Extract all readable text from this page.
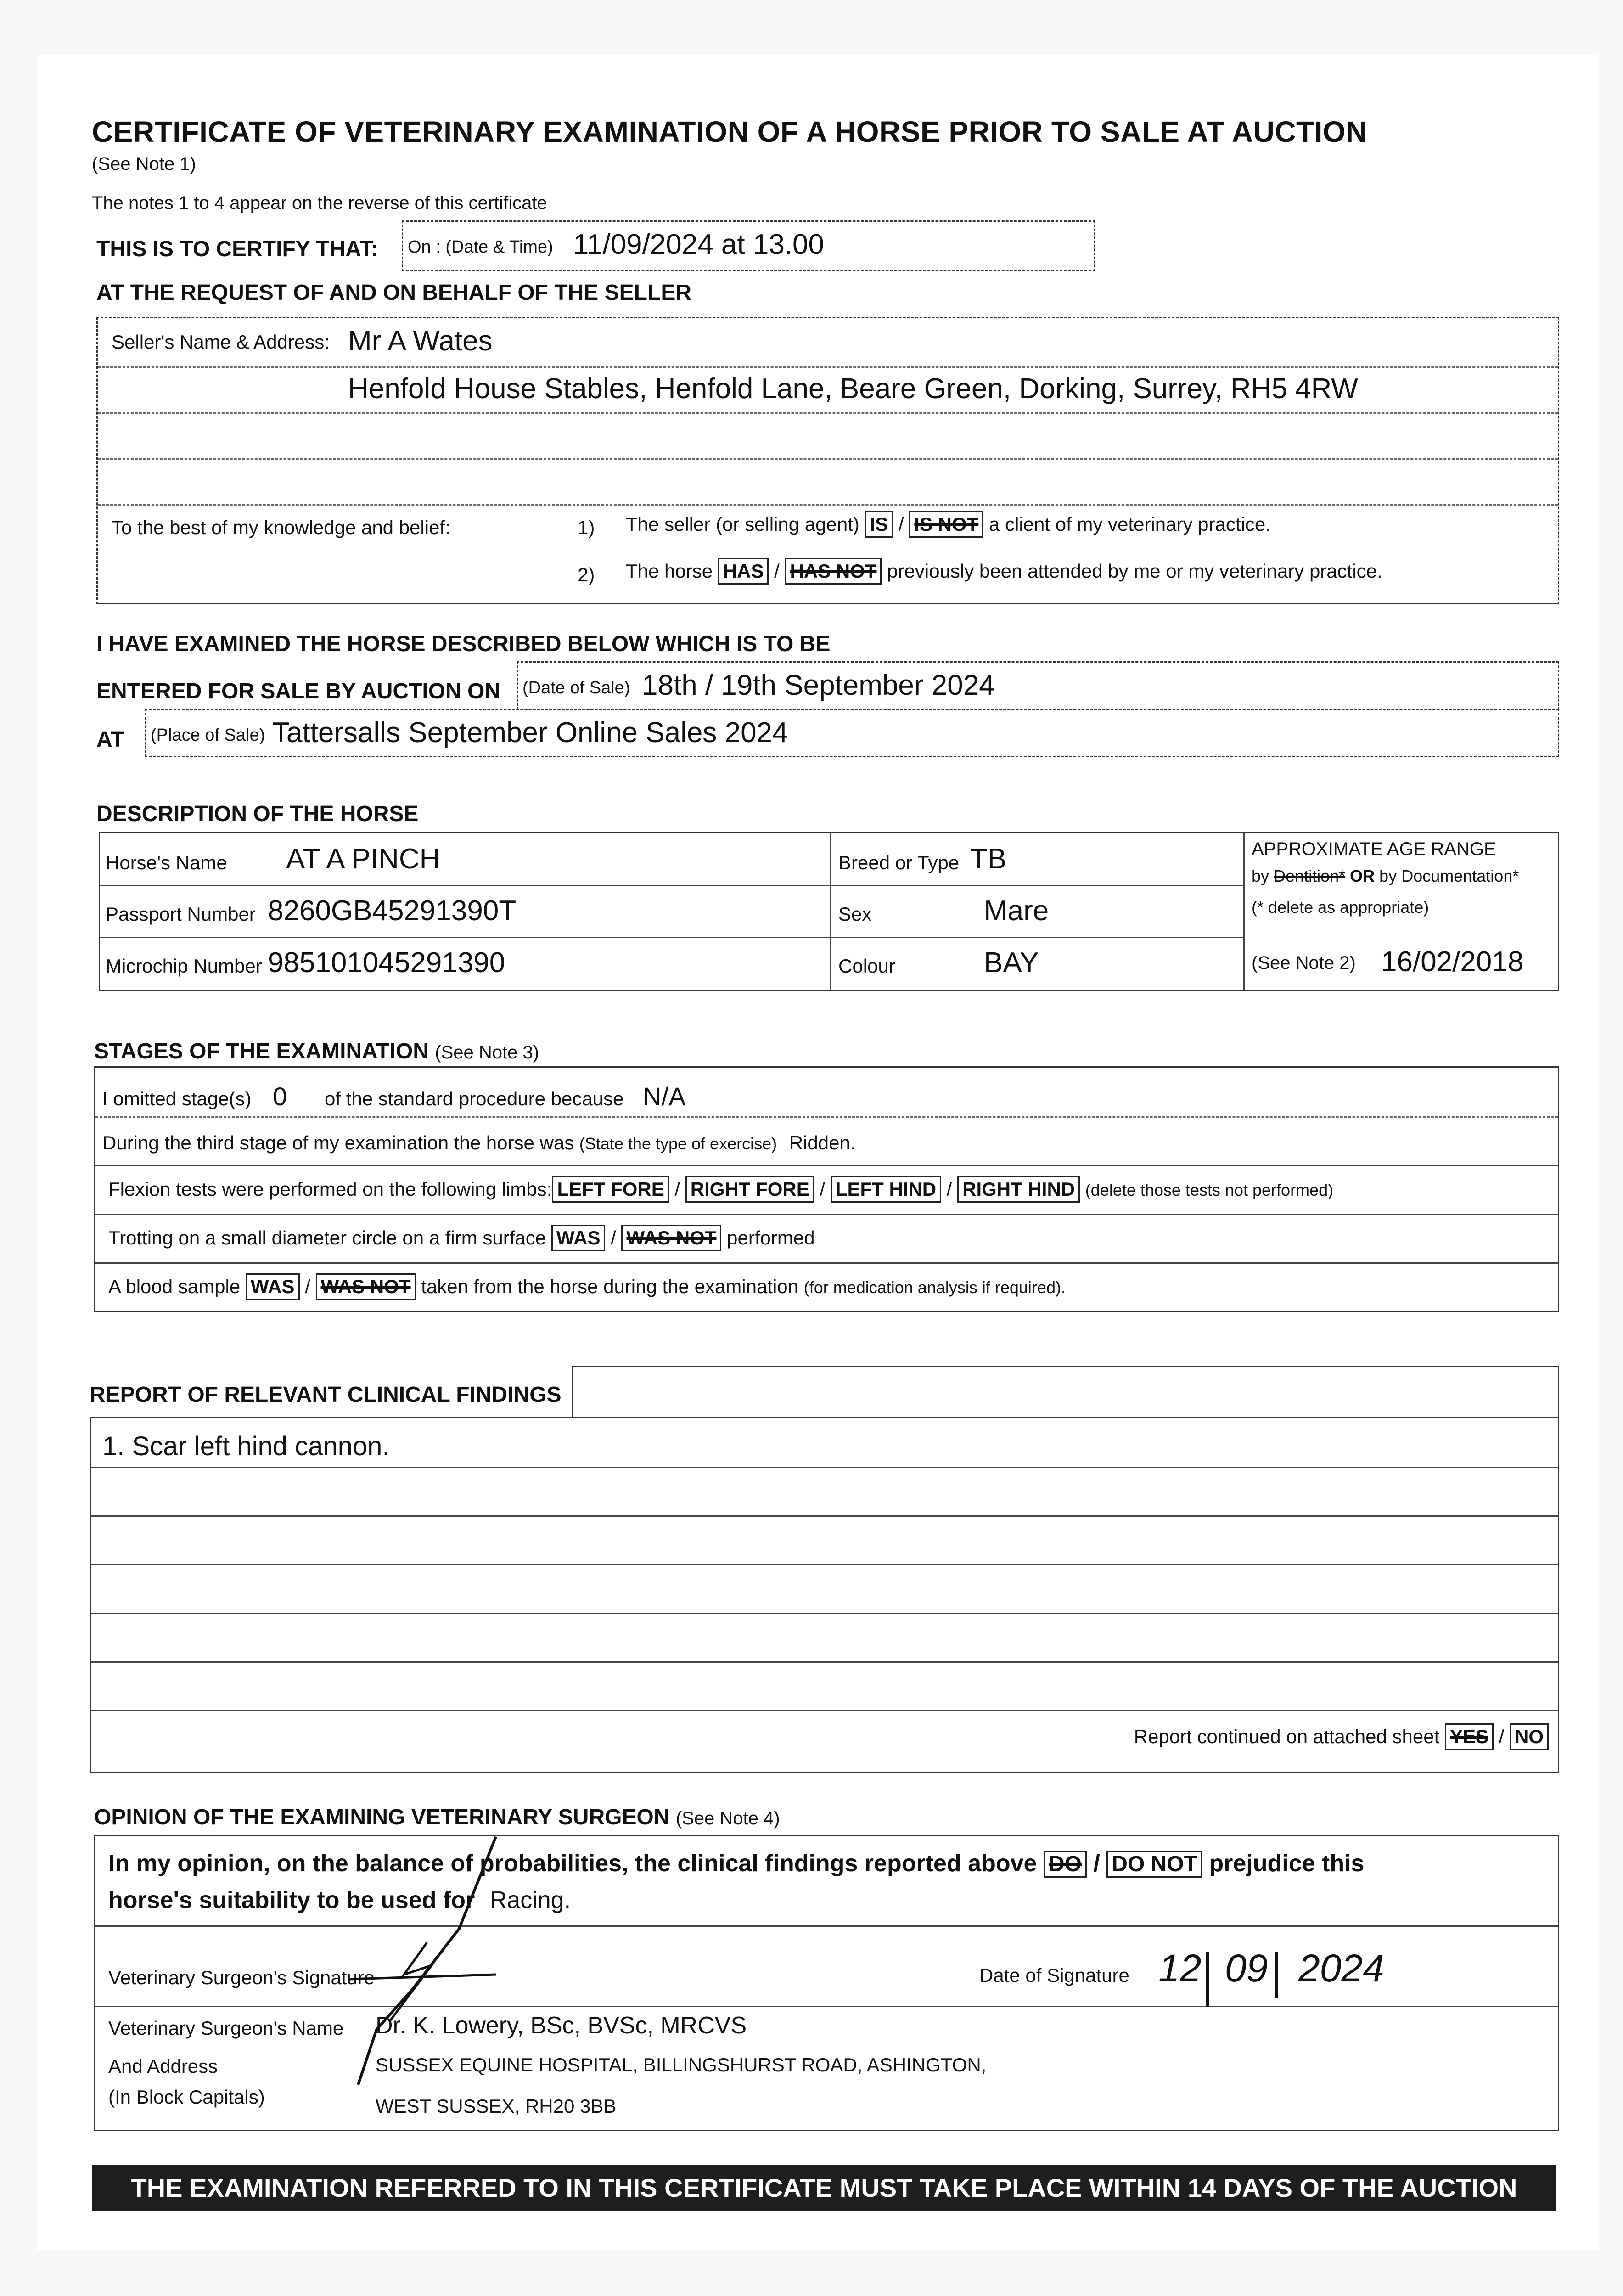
CERTIFICATE OF VETERINARY EXAMINATION OF A HORSE PRIOR TO SALE AT AUCTION
(See Note 1)
The notes 1 to 4 appear on the reverse of this certificate
THIS IS TO CERTIFY THAT: On : (Date & Time) 11/09/2024 at 13.00
AT THE REQUEST OF AND ON BEHALF OF THE SELLER
Seller's Name & Address: Mr A Wates
Henfold House Stables, Henfold Lane, Beare Green, Dorking, Surrey, RH5 4RW
To the best of my knowledge and belief:	1) The seller (or selling agent) IS / IS NOT a client of my veterinary practice.
2) The horse HAS / HAS NOT previously been attended by me or my veterinary practice.
I HAVE EXAMINED THE HORSE DESCRIBED BELOW WHICH IS TO BE
ENTERED FOR SALE BY AUCTION ON (Date of Sale) 18th / 19th September 2024
AT (Place of Sale) Tattersalls September Online Sales 2024
DESCRIPTION OF THE HORSE
Horse's Name AT A PINCH
Passport Number 8260GB45291390T
Microchip Number 985101045291390
Breed or Type TB
Sex	Mare
Colour	BAY
APPROXIMATE AGE RANGE
by Dentition* OR by Documentation*
(* delete as appropriate)
(See Note 2) 16/02/2018
STAGES OF THE EXAMINATION (See Note 3)
I omitted stage(s) 0 of the standard procedure because N/A
During the third stage of my examination the horse was (State the type of exercise) Ridden.
Flexion tests were performed on the following limbs: LEFT FORE / RIGHT FORE / LEFT HIND / RIGHT HIND (delete those tests not performed)
Trotting on a small diameter circle on a firm surface WAS / WAS NOT performed
A blood sample WAS / WAS NOT taken from the horse during the examination (for medication analysis if required).
REPORT OF RELEVANT CLINICAL FINDINGS
1. Scar left hind cannon.
Report continued on attached sheet YES / NO
OPINION OF THE EXAMINING VETERINARY SURGEON (See Note 4)
In my opinion, on the balance of probabilities, the clinical findings reported above DO / DO NOT prejudice this
horse's suitability to be used for Racing.
Veterinary Surgeon's Signature	Date of Signature 12 09 2024
Veterinary Surgeon's Name Dr. K. Lowery, BSc, BVSc, MRCVS
And Address
(In Block Capitals)
SUSSEX EQUINE HOSPITAL, BILLINGSHURST ROAD, ASHINGTON,
WEST SUSSEX, RH20 3BB
THE EXAMINATION REFERRED TO IN THIS CERTIFICATE MUST TAKE PLACE WITHIN 14 DAYS OF THE AUCTION
